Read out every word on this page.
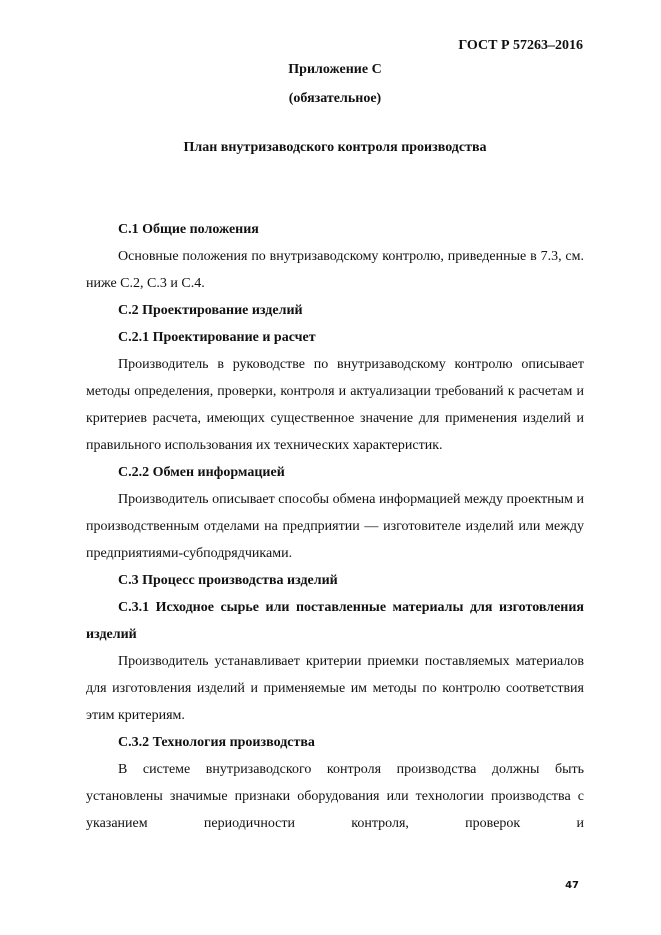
ГОСТ Р 57263–2016
Приложение С
(обязательное)
План внутризаводского контроля производства

С.1 Общие положения

Основные положения по внутризаводскому контролю, приведенные в 7.3, см. ниже С.2, С.3 и С.4.

С.2 Проектирование изделий

С.2.1 Проектирование и расчет

Производитель в руководстве по внутризаводскому контролю описывает методы определения, проверки, контроля и актуализации требований к расчетам и критериев расчета, имеющих существенное значение для применения изделий и правильного использования их технических характеристик.

С.2.2 Обмен информацией

Производитель описывает способы обмена информацией между проектным и производственным отделами на предприятии — изготовителе изделий или между предприятиями-субподрядчиками.

С.3 Процесс производства изделий

С.3.1 Исходное сырье или поставленные материалы для изготовления изделий

Производитель устанавливает критерии приемки поставляемых материалов для изготовления изделий и применяемые им методы по контролю соответствия этим критериям.

С.3.2 Технология производства

В системе внутризаводского контроля производства должны быть установлены значимые признаки оборудования или технологии производства с указанием периодичности контроля, проверок и

47
